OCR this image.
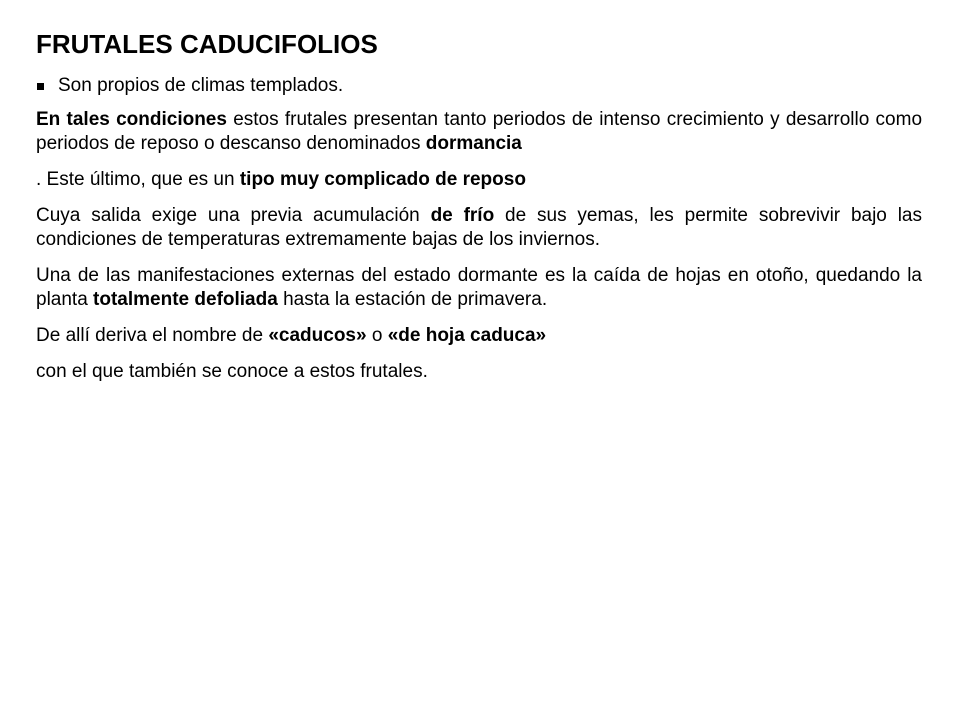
FRUTALES CADUCIFOLIOS
Son propios de climas templados.

En tales condiciones estos frutales presentan tanto periodos de intenso crecimiento y desarrollo como periodos de reposo o descanso denominados dormancia

. Este último, que es un tipo muy complicado de reposo

Cuya salida exige una previa acumulación de frío de sus yemas, les permite sobrevivir bajo las condiciones de temperaturas extremamente bajas de los inviernos.

Una de las manifestaciones externas del estado dormante es la caída de hojas en otoño, quedando la planta totalmente defoliada hasta la estación de primavera.

De allí deriva el nombre de «caducos» o «de hoja caduca»

con el que también se conoce a estos frutales.
